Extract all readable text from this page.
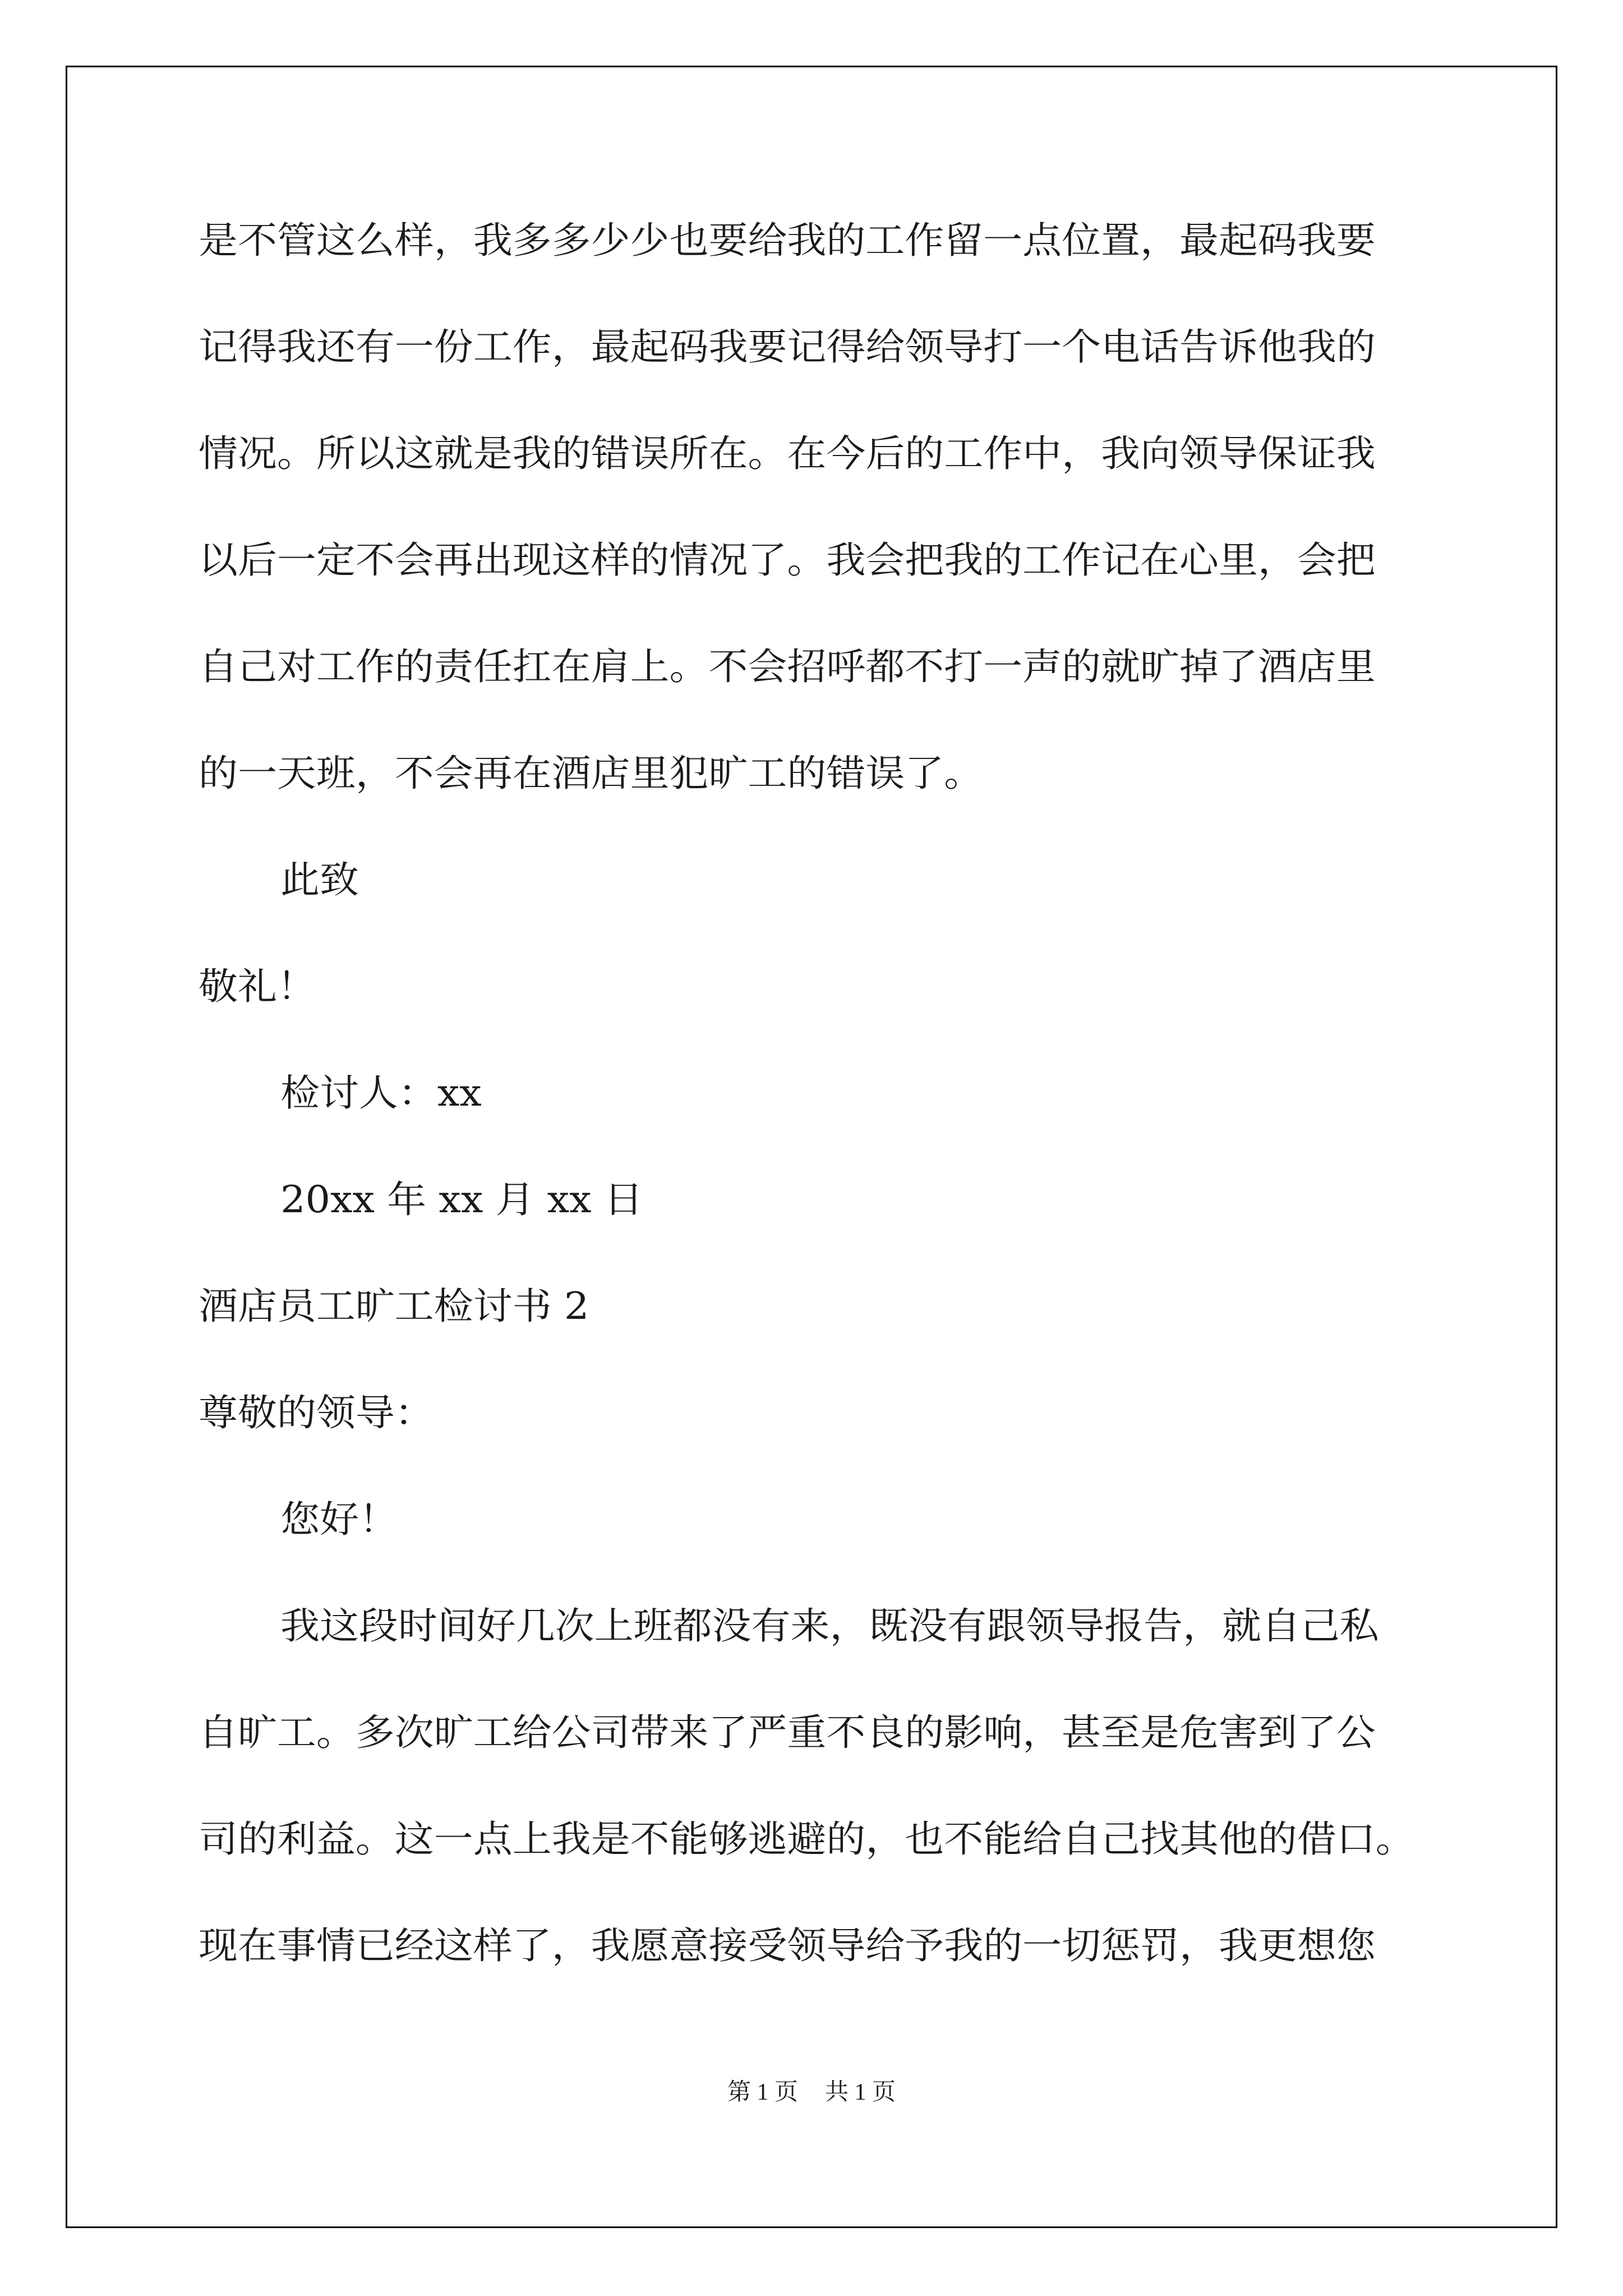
是不管这么样，我多多少少也要给我的工作留一点位置，最起码我要

记得我还有一份工作，最起码我要记得给领导打一个电话告诉他我的

情况。所以这就是我的错误所在。在今后的工作中，我向领导保证我

以后一定不会再出现这样的情况了。我会把我的工作记在心里，会把

自己对工作的责任扛在肩上。不会招呼都不打一声的就旷掉了酒店里

的一天班，不会再在酒店里犯旷工的错误了。

此致

敬礼！

检讨人：xx

20xx 年 xx 月 xx 日

酒店员工旷工检讨书 2

尊敬的领导：

您好！

我这段时间好几次上班都没有来，既没有跟领导报告，就自己私

自旷工。多次旷工给公司带来了严重不良的影响，甚至是危害到了公

司的利益。这一点上我是不能够逃避的，也不能给自己找其他的借口。

现在事情已经这样了，我愿意接受领导给予我的一切惩罚，我更想您

第 1 页 共 1 页
